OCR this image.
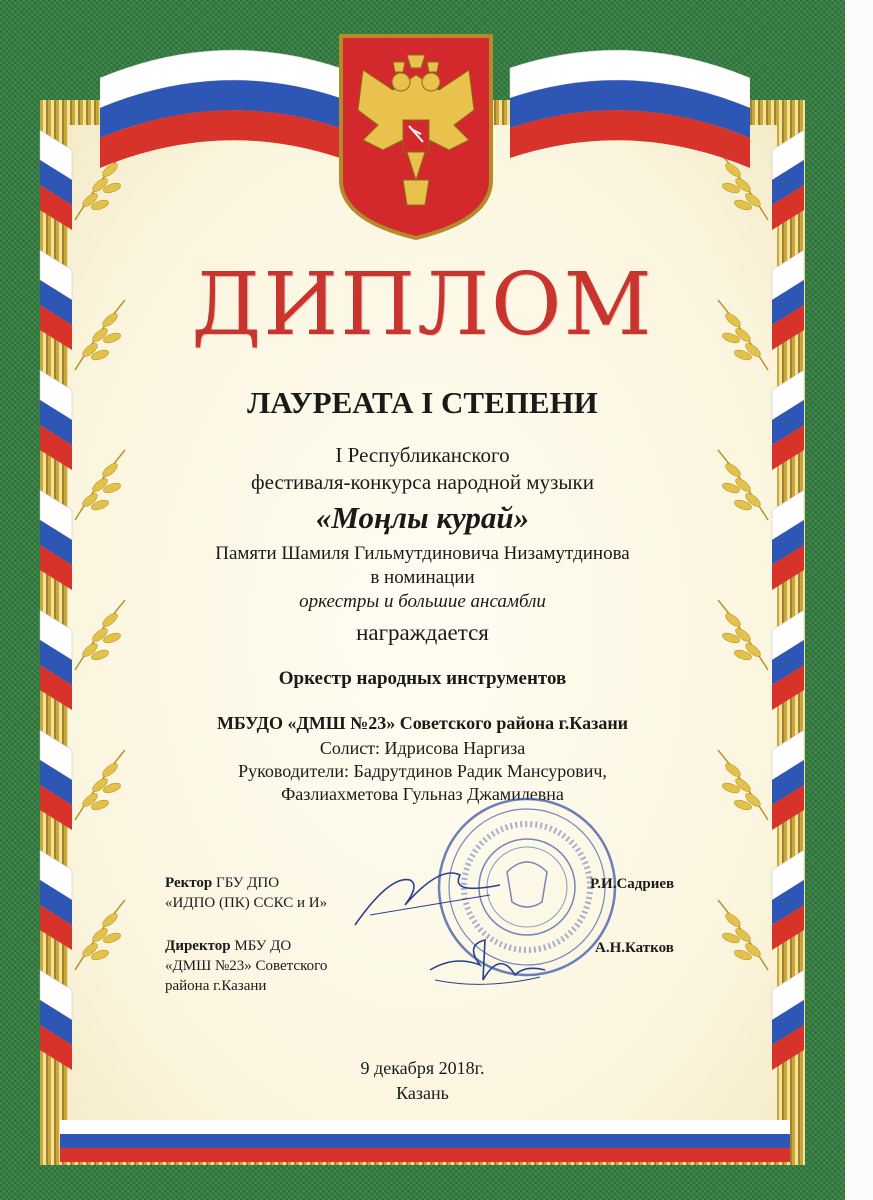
ДИПЛОМ
ЛАУРЕАТА I СТЕПЕНИ
I Республиканского
фестиваля-конкурса народной музыки
«Моңлы курай»
Памяти Шамиля Гильмутдиновича Низамутдинова
в номинации
оркестры и большие ансамбли
награждается
Оркестр народных инструментов
МБУДО «ДМШ №23» Советского района г.Казани
Солист: Идрисова Наргиза
Руководители: Бадрутдинов Радик Мансурович,
Фазлиахметова Гульназ Джамилевна
Ректор ГБУ ДПО
«ИДПО (ПК) ССКС и И»
Р.И.Садриев
Директор МБУ ДО
«ДМШ №23» Советского
района г.Казани
А.Н.Катков
9 декабря 2018г.
Казань
